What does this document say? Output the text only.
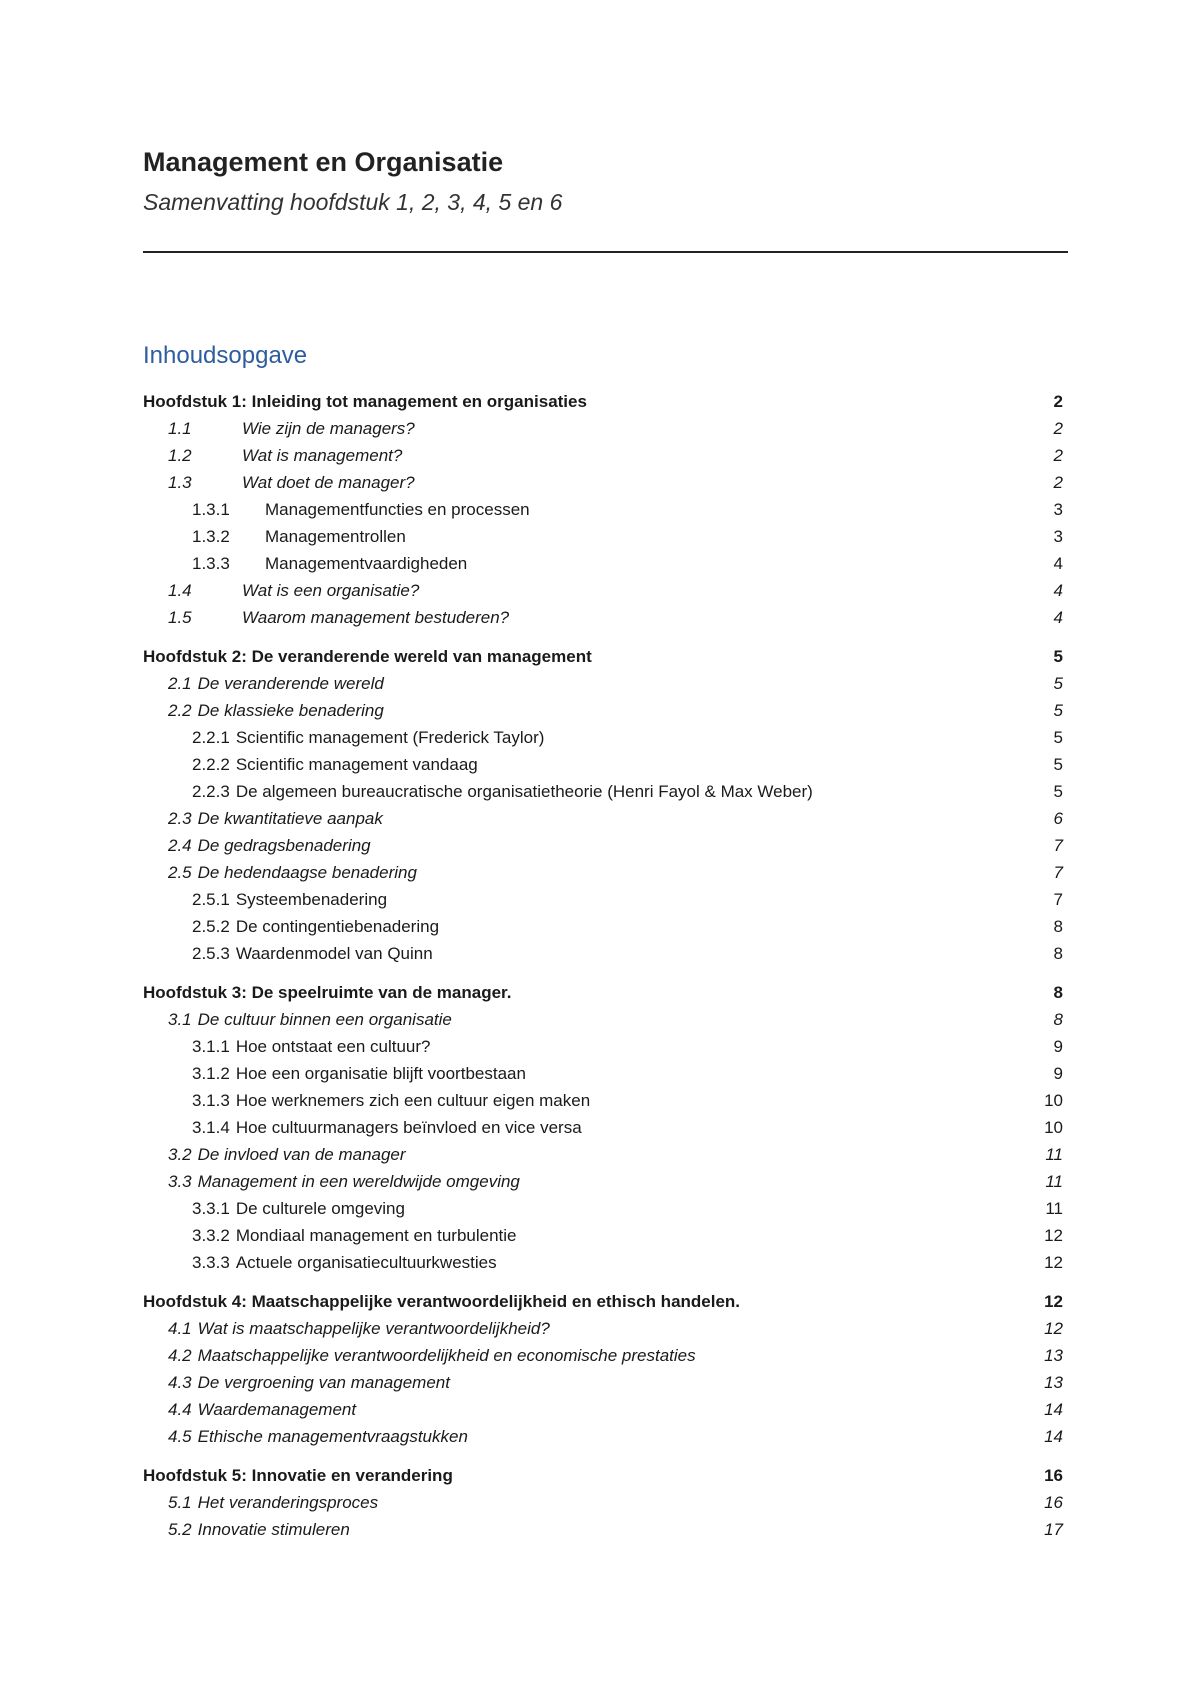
Management en Organisatie
Samenvatting hoofdstuk 1, 2, 3, 4, 5 en 6
Inhoudsopgave
Hoofdstuk 1: Inleiding tot management en organisaties	2
1.1	Wie zijn de managers?	2
1.2	Wat is management?	2
1.3	Wat doet de manager?	2
1.3.1	Managementfuncties en processen	3
1.3.2	Managementrollen	3
1.3.3	Managementvaardigheden	4
1.4	Wat is een organisatie?	4
1.5	Waarom management bestuderen?	4
Hoofdstuk 2: De veranderende wereld van management	5
2.1 De veranderende wereld	5
2.2 De klassieke benadering	5
2.2.1 Scientific management (Frederick Taylor)	5
2.2.2 Scientific management vandaag	5
2.2.3 De algemeen bureaucratische organisatietheorie (Henri Fayol & Max Weber)	5
2.3 De kwantitatieve aanpak	6
2.4 De gedragsbenadering	7
2.5 De hedendaagse benadering	7
2.5.1 Systeembenadering	7
2.5.2 De contingentiebenadering	8
2.5.3 Waardenmodel van Quinn	8
Hoofdstuk 3: De speelruimte van de manager.	8
3.1 De cultuur binnen een organisatie	8
3.1.1 Hoe ontstaat een cultuur?	9
3.1.2 Hoe een organisatie blijft voortbestaan	9
3.1.3 Hoe werknemers zich een cultuur eigen maken	10
3.1.4 Hoe cultuurmanagers beïnvloed en vice versa	10
3.2 De invloed van de manager	11
3.3 Management in een wereldwijde omgeving	11
3.3.1 De culturele omgeving	11
3.3.2 Mondiaal management en turbulentie	12
3.3.3 Actuele organisatiecultuurkwesties	12
Hoofdstuk 4: Maatschappelijke verantwoordelijkheid en ethisch handelen.	12
4.1 Wat is maatschappelijke verantwoordelijkheid?	12
4.2 Maatschappelijke verantwoordelijkheid en economische prestaties	13
4.3 De vergroening van management	13
4.4 Waardemanagement	14
4.5 Ethische managementvraagstukken	14
Hoofdstuk 5: Innovatie en verandering	16
5.1 Het veranderingsproces	16
5.2 Innovatie stimuleren	17
